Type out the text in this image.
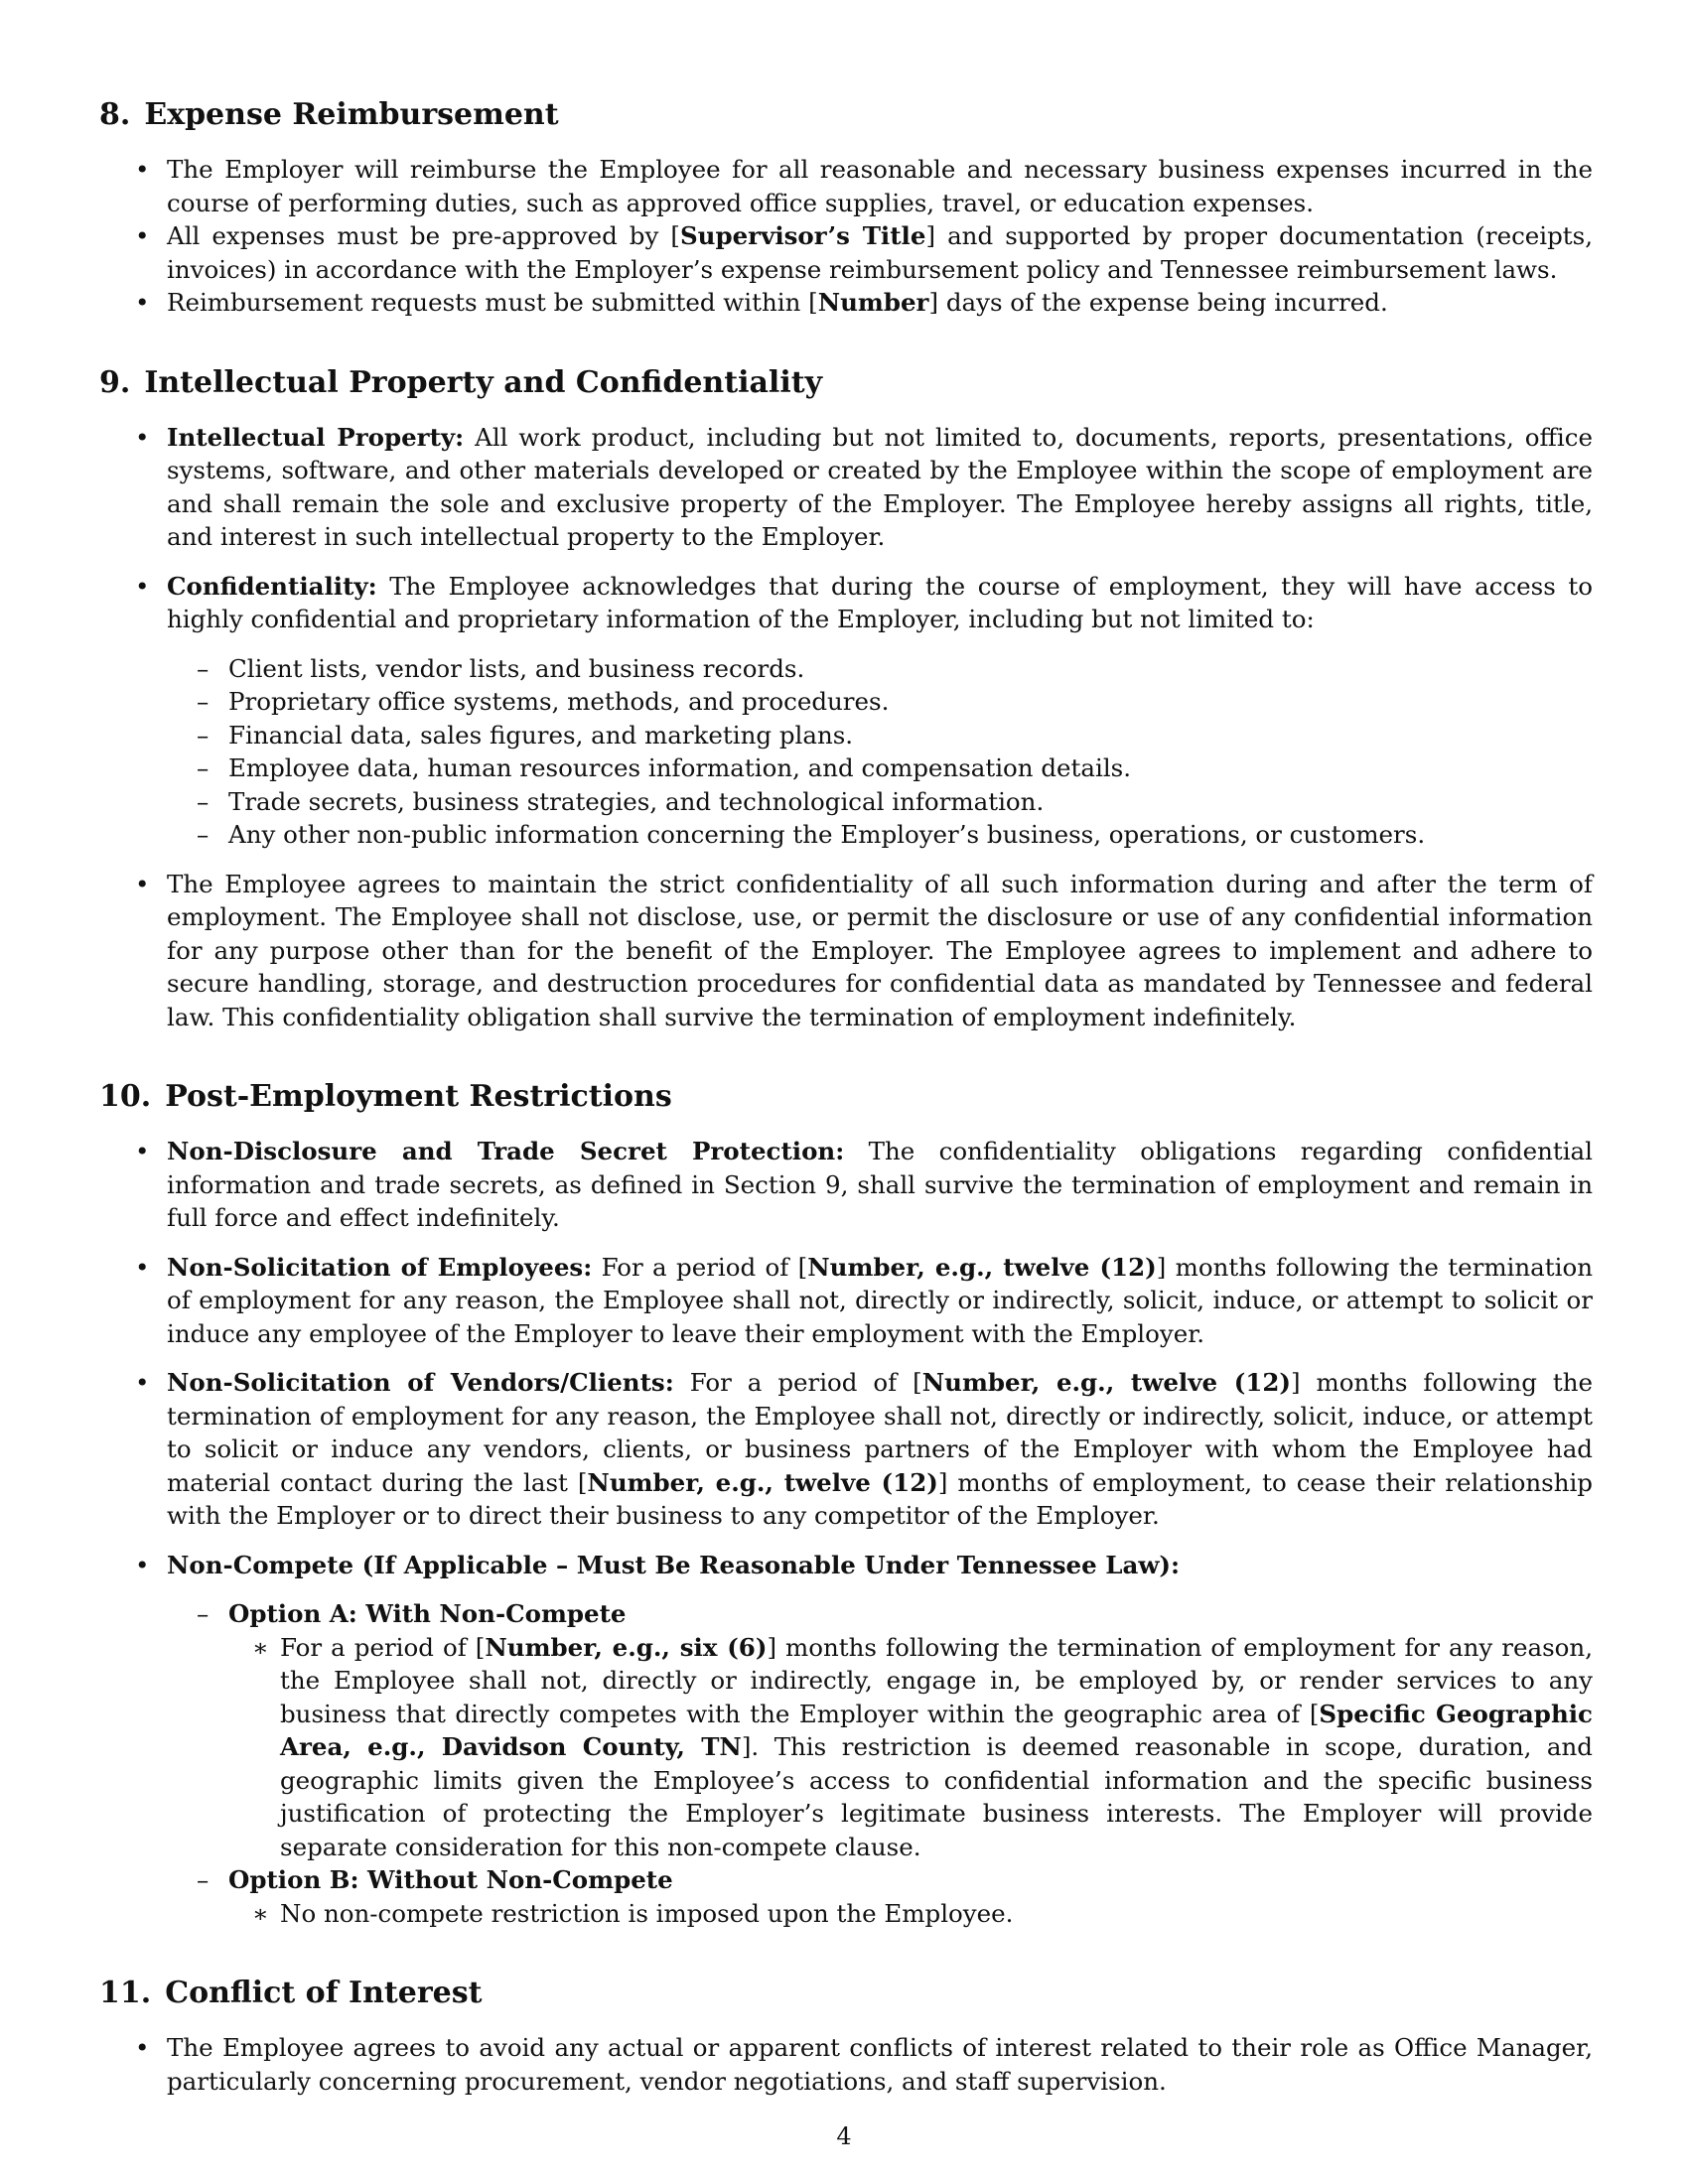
8. Expense Reimbursement
• The Employer will reimburse the Employee for all reasonable and necessary business expenses incurred in the course of performing duties, such as approved office supplies, travel, or education expenses.
• All expenses must be pre-approved by [Supervisor’s Title] and supported by proper documentation (receipts, invoices) in accordance with the Employer’s expense reimbursement policy and Tennessee reimbursement laws.
• Reimbursement requests must be submitted within [Number] days of the expense being incurred.
9. Intellectual Property and Confidentiality
• Intellectual Property: All work product, including but not limited to, documents, reports, presentations, office systems, software, and other materials developed or created by the Employee within the scope of employment are and shall remain the sole and exclusive property of the Employer. The Employee hereby assigns all rights, title, and interest in such intellectual property to the Employer.
• Confidentiality: The Employee acknowledges that during the course of employment, they will have access to highly confidential and proprietary information of the Employer, including but not limited to:
– Client lists, vendor lists, and business records.
– Proprietary office systems, methods, and procedures.
– Financial data, sales figures, and marketing plans.
– Employee data, human resources information, and compensation details.
– Trade secrets, business strategies, and technological information.
– Any other non-public information concerning the Employer’s business, operations, or customers.
• The Employee agrees to maintain the strict confidentiality of all such information during and after the term of employment. The Employee shall not disclose, use, or permit the disclosure or use of any confidential information for any purpose other than for the benefit of the Employer. The Employee agrees to implement and adhere to secure handling, storage, and destruction procedures for confidential data as mandated by Tennessee and federal law. This confidentiality obligation shall survive the termination of employment indefinitely.
10. Post-Employment Restrictions
• Non-Disclosure and Trade Secret Protection: The confidentiality obligations regarding confidential information and trade secrets, as defined in Section 9, shall survive the termination of employment and remain in full force and effect indefinitely.
• Non-Solicitation of Employees: For a period of [Number, e.g., twelve (12)] months following the termination of employment for any reason, the Employee shall not, directly or indirectly, solicit, induce, or attempt to solicit or induce any employee of the Employer to leave their employment with the Employer.
• Non-Solicitation of Vendors/Clients: For a period of [Number, e.g., twelve (12)] months following the termination of employment for any reason, the Employee shall not, directly or indirectly, solicit, induce, or attempt to solicit or induce any vendors, clients, or business partners of the Employer with whom the Employee had material contact during the last [Number, e.g., twelve (12)] months of employment, to cease their relationship with the Employer or to direct their business to any competitor of the Employer.
• Non-Compete (If Applicable – Must Be Reasonable Under Tennessee Law):
– Option A: With Non-Compete
∗ For a period of [Number, e.g., six (6)] months following the termination of employment for any reason, the Employee shall not, directly or indirectly, engage in, be employed by, or render services to any business that directly competes with the Employer within the geographic area of [Specific Geographic Area, e.g., Davidson County, TN]. This restriction is deemed reasonable in scope, duration, and geographic limits given the Employee’s access to confidential information and the specific business justification of protecting the Employer’s legitimate business interests. The Employer will provide separate consideration for this non-compete clause.
– Option B: Without Non-Compete
∗ No non-compete restriction is imposed upon the Employee.
11. Conflict of Interest
• The Employee agrees to avoid any actual or apparent conflicts of interest related to their role as Office Manager, particularly concerning procurement, vendor negotiations, and staff supervision.
4
